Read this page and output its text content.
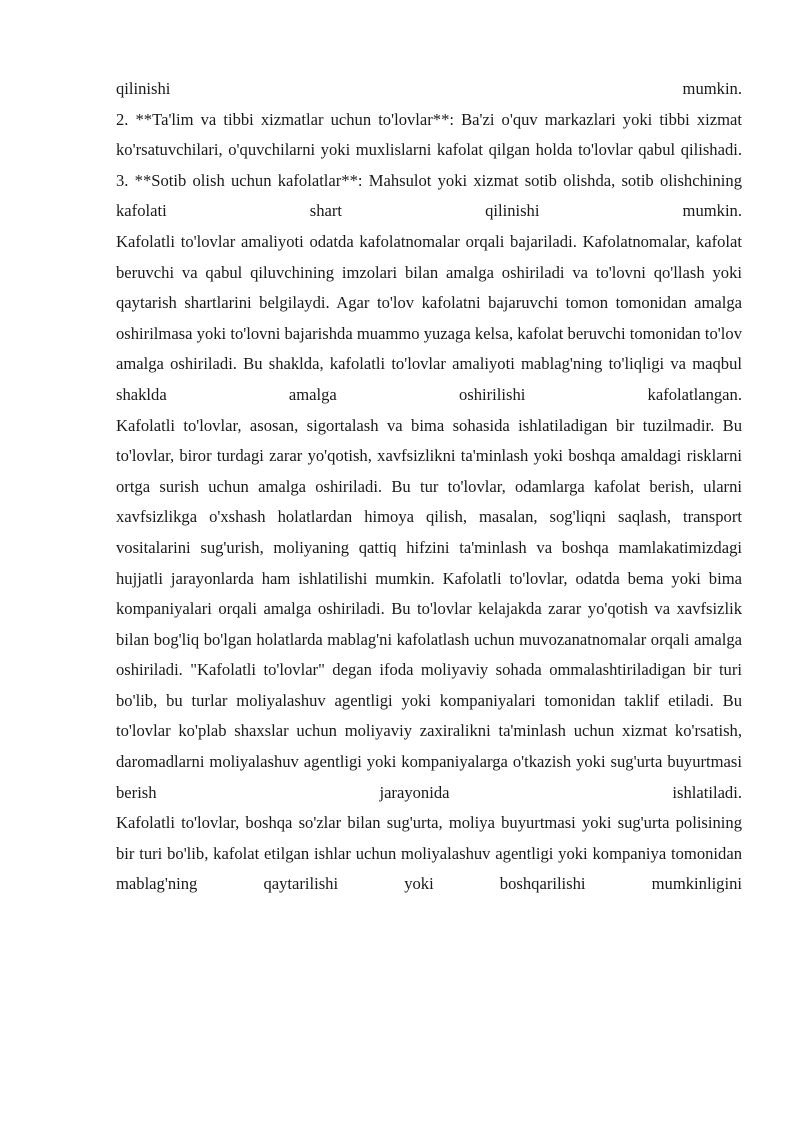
qilinishi mumkin.

2. **Ta'lim va tibbi xizmatlar uchun to'lovlar**: Ba'zi o'quv markazlari yoki tibbi xizmat ko'rsatuvchilari, o'quvchilarni yoki muxlislarni kafolat qilgan holda to'lovlar qabul qilishadi.

3. **Sotib olish uchun kafolatlar**: Mahsulot yoki xizmat sotib olishda, sotib olishchining kafolati shart qilinishi mumkin.

Kafolatli to'lovlar amaliyoti odatda kafolatnomalar orqali bajariladi. Kafolatnomalar, kafolat beruvchi va qabul qiluvchining imzolari bilan amalga oshiriladi va to'lovni qo'llash yoki qaytarish shartlarini belgilaydi. Agar to'lov kafolatni bajaruvchi tomon tomonidan amalga oshirilmasa yoki to'lovni bajarishda muammo yuzaga kelsa, kafolat beruvchi tomonidan to'lov amalga oshiriladi. Bu shaklda, kafolatli to'lovlar amaliyoti mablag'ning to'liqligi va maqbul shaklda amalga oshirilishi kafolatlangan.

Kafolatli to'lovlar, asosan, sigortalash va bima sohasida ishlatiladigan bir tuzilmadir. Bu to'lovlar, biror turdagi zarar yo'qotish, xavfsizlikni ta'minlash yoki boshqa amaldagi risklarni ortga surish uchun amalga oshiriladi. Bu tur to'lovlar, odamlarga kafolat berish, ularni xavfsizlikga o'xshash holatlardan himoya qilish, masalan, sog'liqni saqlash, transport vositalarini sug'urish, moliyaning qattiq hifzini ta'minlash va boshqa mamlakatimizdagi hujjatli jarayonlarda ham ishlatilishi mumkin. Kafolatli to'lovlar, odatda bema yoki bima kompaniyalari orqali amalga oshiriladi. Bu to'lovlar kelajakda zarar yo'qotish va xavfsizlik bilan bog'liq bo'lgan holatlarda mablag'ni kafolatlash uchun muvozanatnomalar orqali amalga oshiriladi. "Kafolatli to'lovlar" degan ifoda moliyaviy sohada ommalashtiriladigan bir turi bo'lib, bu turlar moliyalashuv agentligi yoki kompaniyalari tomonidan taklif etiladi. Bu to'lovlar ko'plab shaxslar uchun moliyaviy zaxiralikni ta'minlash uchun xizmat ko'rsatish, daromadlarni moliyalashuv agentligi yoki kompaniyalarga o'tkazish yoki sug'urta buyurtmasi berish jarayonida ishlatiladi.

Kafolatli to'lovlar, boshqa so'zlar bilan sug'urta, moliya buyurtmasi yoki sug'urta polisining bir turi bo'lib, kafolat etilgan ishlar uchun moliyalashuv agentligi yoki kompaniya tomonidan mablag'ning qaytarilishi yoki boshqarilishi mumkinligini
